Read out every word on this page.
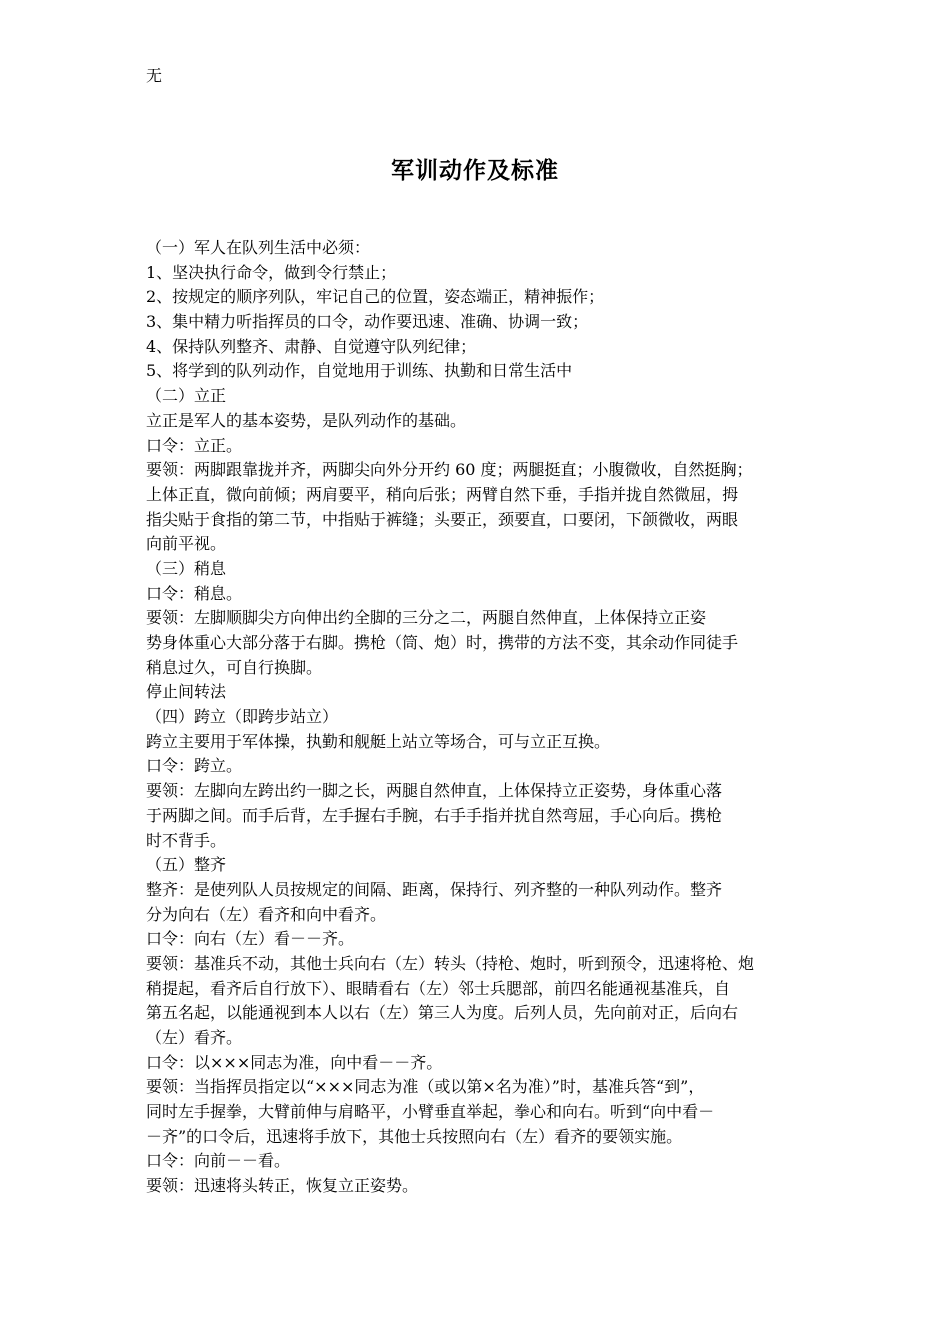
无
军训动作及标准
（一）军人在队列生活中必须：
1、坚决执行命令，做到令行禁止；
2、按规定的顺序列队，牢记自己的位置，姿态端正，精神振作；
3、集中精力听指挥员的口令，动作要迅速、准确、协调一致；
4、保持队列整齐、肃静、自觉遵守队列纪律；
5、将学到的队列动作，自觉地用于训练、执勤和日常生活中
（二）立正
立正是军人的基本姿势，是队列动作的基础。
口令：立正。
要领：两脚跟靠拢并齐，两脚尖向外分开约 60 度；两腿挺直；小腹微收，自然挺胸；
上体正直，微向前倾；两肩要平，稍向后张；两臂自然下垂，手指并拢自然微屈，拇
指尖贴于食指的第二节，中指贴于裤缝；头要正，颈要直，口要闭，下颌微收，两眼
向前平视。
（三）稍息
口令：稍息。
要领：左脚顺脚尖方向伸出约全脚的三分之二，两腿自然伸直，上体保持立正姿
势身体重心大部分落于右脚。携枪（筒、炮）时，携带的方法不变，其余动作同徒手
稍息过久，可自行换脚。
停止间转法
（四）跨立（即跨步站立）
跨立主要用于军体操，执勤和舰艇上站立等场合，可与立正互换。
口令：跨立。
要领：左脚向左跨出约一脚之长，两腿自然伸直，上体保持立正姿势，身体重心落
于两脚之间。而手后背，左手握右手腕，右手手指并扰自然弯屈，手心向后。携枪
时不背手。
（五）整齐
整齐：是使列队人员按规定的间隔、距离，保持行、列齐整的一种队列动作。整齐
分为向右（左）看齐和向中看齐。
口令：向右（左）看－－齐。
要领：基准兵不动，其他士兵向右（左）转头（持枪、炮时，听到预令，迅速将枪、炮
稍提起，看齐后自行放下）、眼睛看右（左）邻士兵腮部，前四名能通视基准兵，自
第五名起，以能通视到本人以右（左）第三人为度。后列人员，先向前对正，后向右
（左）看齐。
口令：以×××同志为准，向中看－－齐。
要领：当指挥员指定以“×××同志为准（或以第×名为准）”时，基准兵答“到”，
同时左手握拳，大臂前伸与肩略平，小臂垂直举起，拳心和向右。听到“向中看－
－齐”的口令后，迅速将手放下，其他士兵按照向右（左）看齐的要领实施。
口令：向前－－看。
要领：迅速将头转正，恢复立正姿势。
